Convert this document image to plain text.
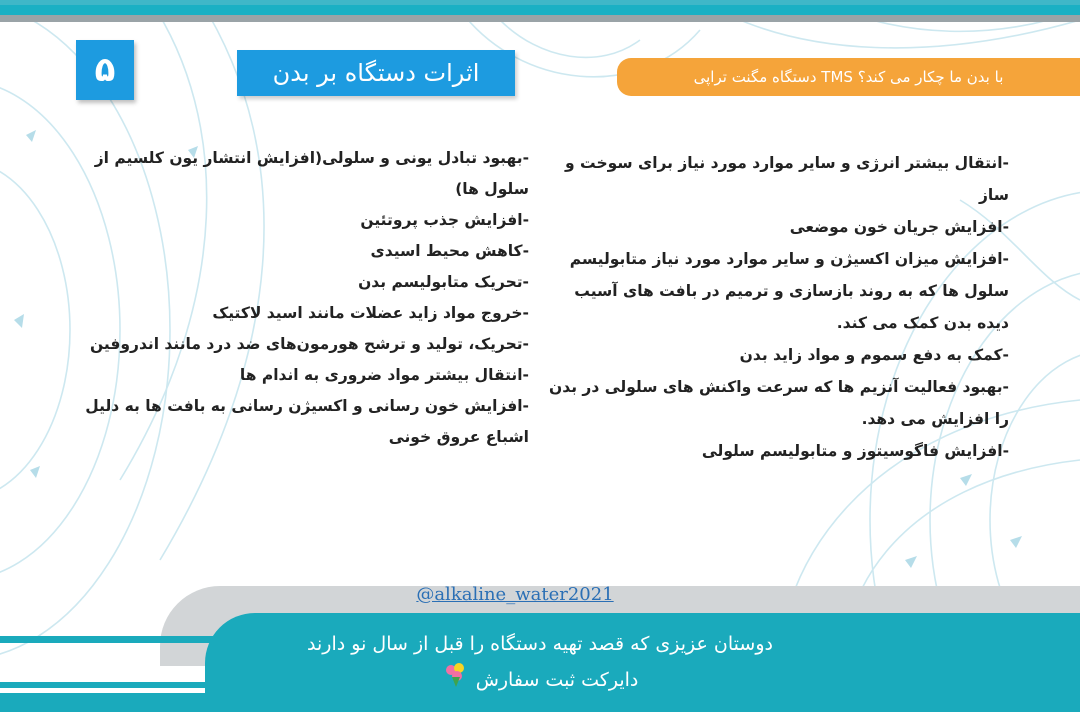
۵	اثرات دستگاه بر بدن	دستگاه مگنت تراپی TMS با بدن ما چکار می کند؟

-بهبود تبادل یونی و سلولی(افزایش انتشار یون کلسیم از سلول ها)

-افزایش جذب پروتئین

-کاهش محیط اسیدی

-تحریک متابولیسم بدن

-خروج مواد زاید عضلات مانند اسید لاکتیک

-تحریک، تولید و ترشح هورمون‌های ضد درد مانند اندروفین

-انتقال بیشتر مواد ضروری به اندام ها

-افزایش خون رسانی و اکسیژن رسانی به بافت ها به دلیل اشباع عروق خونی

-انتقال بیشتر انرژی و سایر موارد مورد نیاز برای سوخت و ساز

-افزایش جریان خون موضعی

-افزایش میزان اکسیژن و سایر موارد مورد نیاز متابولیسم سلول ها که به روند بازسازی و ترمیم در بافت های آسیب دیده بدن کمک می کند.

-کمک به دفع سموم و مواد زاید بدن

-بهبود فعالیت آنزیم ها که سرعت واکنش های سلولی در بدن را افزایش می دهد.

-افزایش فاگوسیتوز و متابولیسم سلولی

@alkaline_water2021
دوستان عزیزی که قصد تهیه دستگاه را قبل از سال نو دارند
دایرکت ثبت سفارش
